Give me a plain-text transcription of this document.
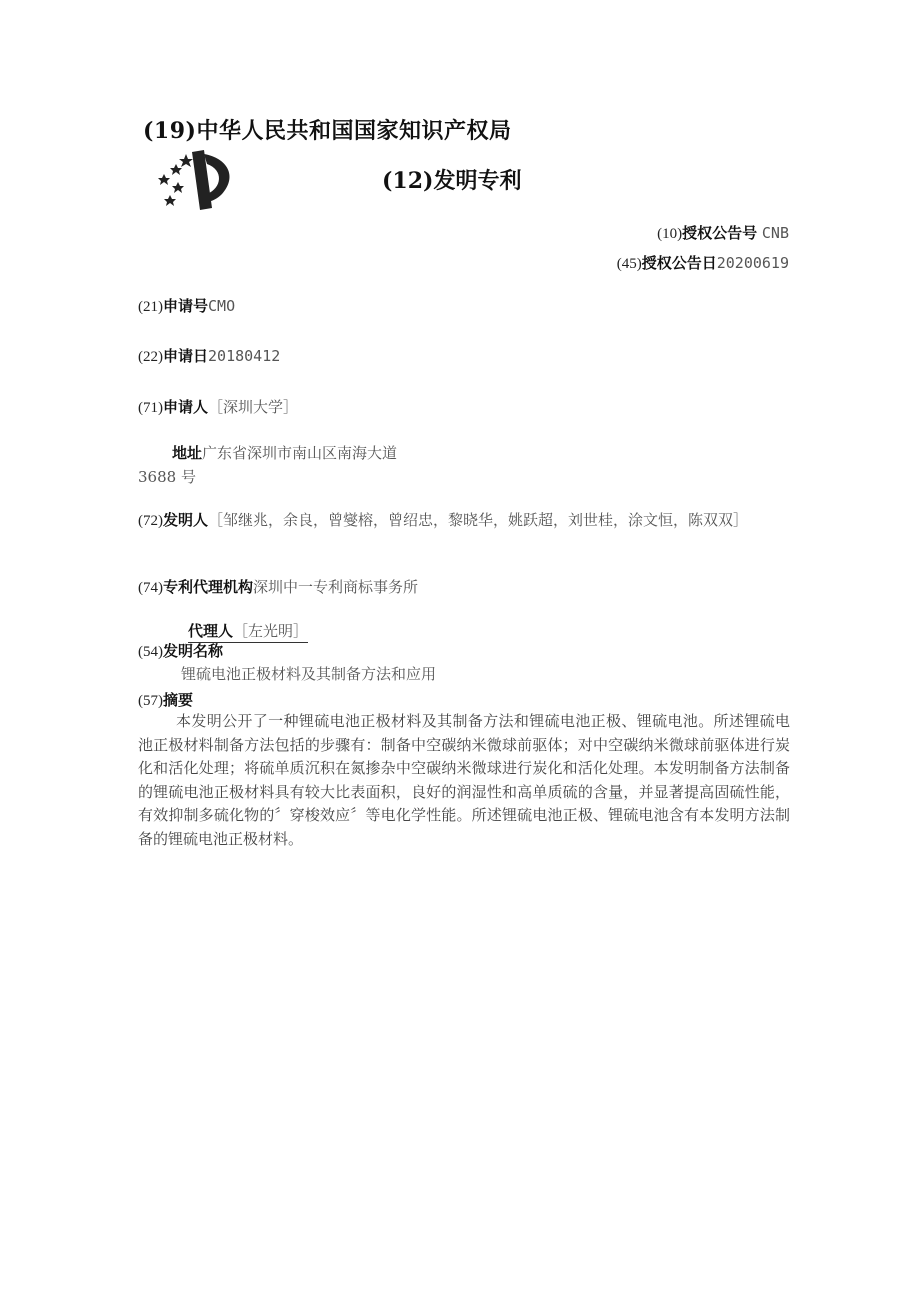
(19)中华人民共和国国家知识产权局
(12)发明专利
(10)授权公告号 CNB
(45)授权公告日20200619
(21)申请号CMO
(22)申请日20180412
(71)申请人［深圳大学］
地址广东省深圳市南山区南海大道
3688 号
(72)发明人［邹继兆，余良，曾燮榕，曾绍忠，黎晓华，姚跃超，刘世桂，涂文恒，陈双双］
(74)专利代理机构深圳中一专利商标事务所
代理人［左光明］
(54)发明名称
锂硫电池正极材料及其制备方法和应用
(57)摘要
本发明公开了一种锂硫电池正极材料及其制备方法和锂硫电池正极、锂硫电池。所述锂硫电池正极材料制备方法包括的步骤有：制备中空碳纳米微球前驱体；对中空碳纳米微球前驱体进行炭化和活化处理；将硫单质沉积在氮掺杂中空碳纳米微球进行炭化和活化处理。本发明制备方法制备的锂硫电池正极材料具有较大比表面积，良好的润湿性和高单质硫的含量，并显著提高固硫性能，有效抑制多硫化物的〞穿梭效应〞等电化学性能。所述锂硫电池正极、锂硫电池含有本发明方法制备的锂硫电池正极材料。
